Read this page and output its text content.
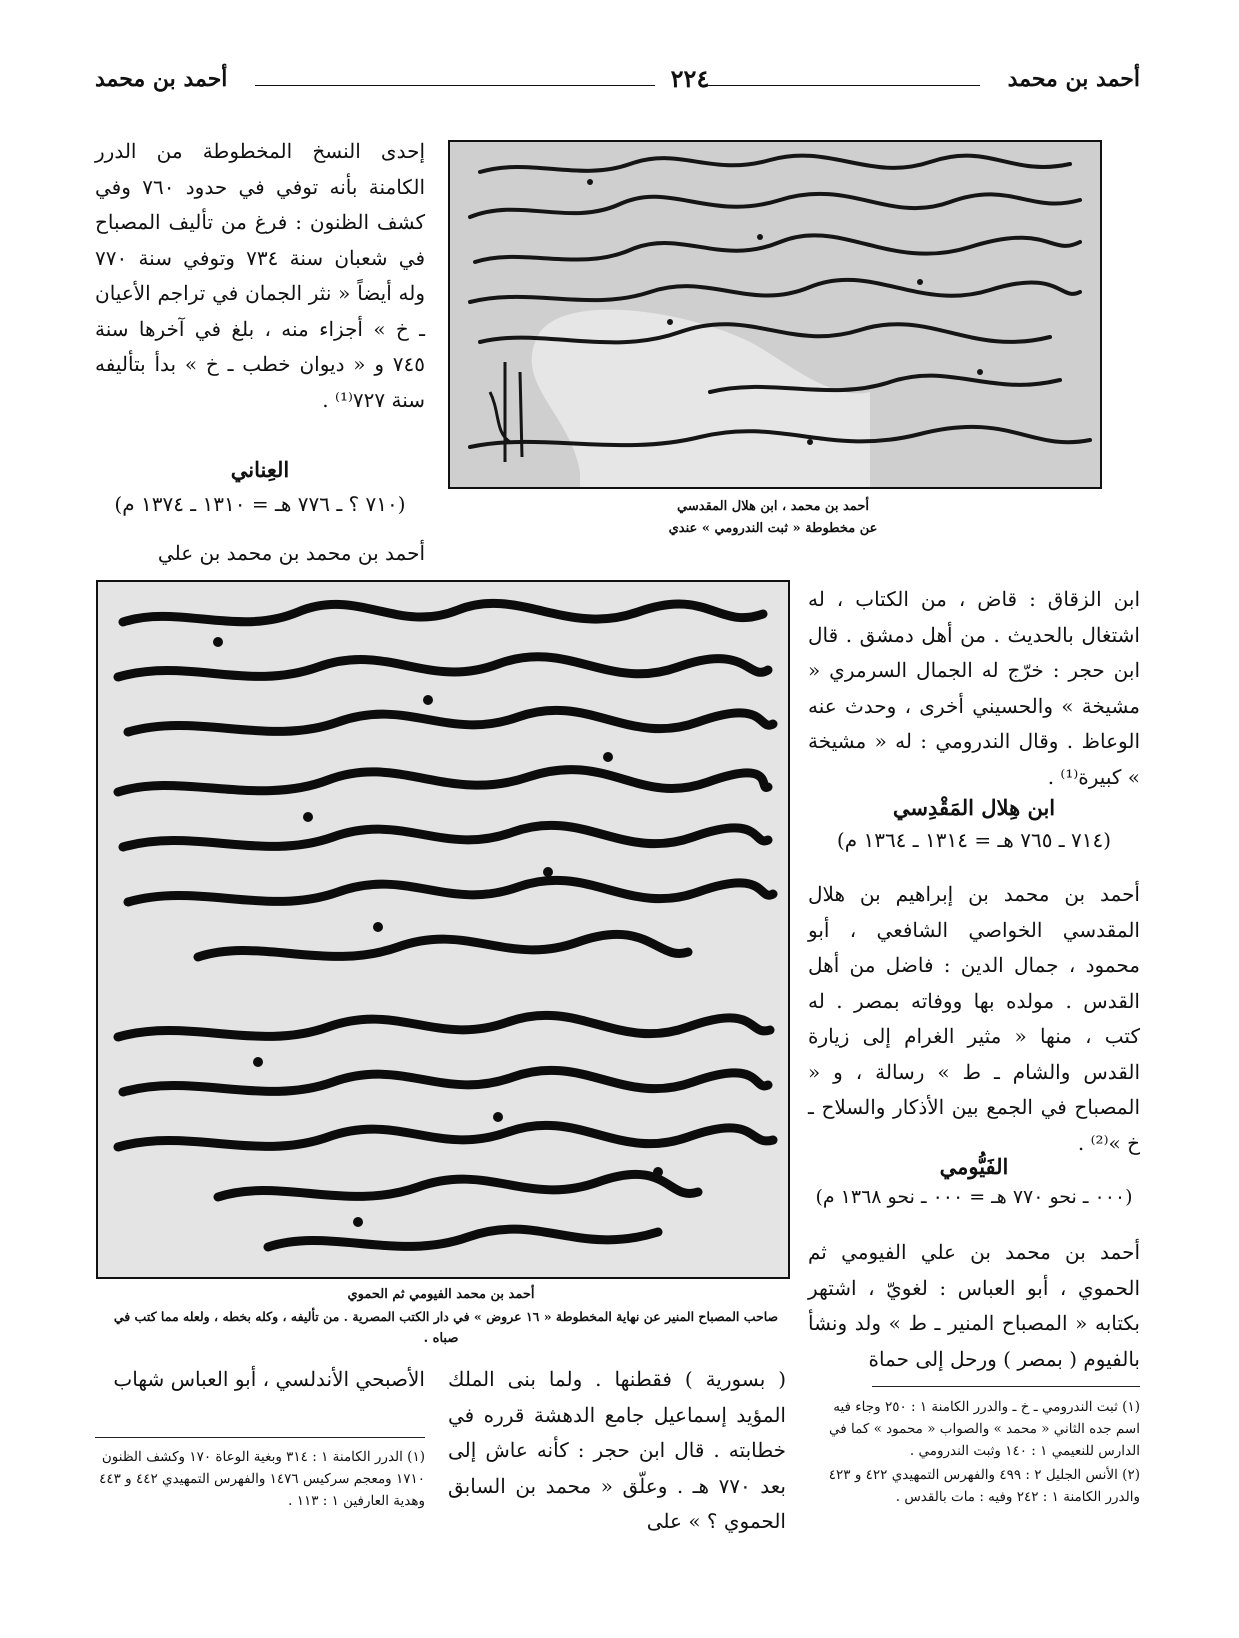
أحمد بن محمد
٢٢٤
أحمد بن محمد
إحدى النسخ المخطوطة من الدرر الكامنة بأنه توفي في حدود ٧٦٠ وفي كشف الظنون : فرغ من تأليف المصباح في شعبان سنة ٧٣٤ وتوفي سنة ٧٧٠ وله أيضاً « نثر الجمان في تراجم الأعيان ـ خ » أجزاء منه ، بلغ في آخرها سنة ٧٤٥ و « ديوان خطب ـ خ » بدأ بتأليفه سنة ٧٢٧⁽¹⁾ .
العِناني
(٧١٠ ؟ ـ ٧٧٦ هـ = ١٣١٠ ـ ١٣٧٤ م)
أحمد بن محمد بن محمد بن علي
أحمد بن محمد ، ابن هلال المقدسي
عن مخطوطة « ثبت الندرومي » عندي
ابن الزقاق : قاض ، من الكتاب ، له اشتغال بالحديث . من أهل دمشق . قال ابن حجر : خرّج له الجمال السرمري « مشيخة » والحسيني أخرى ، وحدث عنه الوعاظ . وقال الندرومي : له « مشيخة » كبيرة⁽¹⁾ .
ابن هِلال المَقْدِسي
(٧١٤ ـ ٧٦٥ هـ = ١٣١٤ ـ ١٣٦٤ م)
أحمد بن محمد بن إبراهيم بن هلال المقدسي الخواصي الشافعي ، أبو محمود ، جمال الدين : فاضل من أهل القدس . مولده بها ووفاته بمصر . له كتب ، منها « مثير الغرام إلى زيارة القدس والشام ـ ط » رسالة ، و « المصباح في الجمع بين الأذكار والسلاح ـ خ »⁽²⁾ .
الفَيُّومي
(٠٠٠ ـ نحو ٧٧٠ هـ = ٠٠٠ ـ نحو ١٣٦٨ م)
أحمد بن محمد بن علي الفيومي ثم الحموي ، أبو العباس : لغويّ ، اشتهر بكتابه « المصباح المنير ـ ط » ولد ونشأ بالفيوم ( بمصر ) ورحل إلى حماة
(١) ثبت الندرومي ـ خ ـ والدرر الكامنة ١ : ٢٥٠ وجاء فيه اسم جده الثاني « محمد » والصواب « محمود » كما في الدارس للنعيمي ١ : ١٤٠ وثبت الندرومي .
(٢) الأنس الجليل ٢ : ٤٩٩ والفهرس التمهيدي ٤٢٢ و ٤٢٣ والدرر الكامنة ١ : ٢٤٢ وفيه : مات بالقدس .
أحمد بن محمد الفيومي ثم الحموي
صاحب المصباح المنير عن نهاية المخطوطة « ١٦ عروض » في دار الكتب المصرية . من تأليفه ، وكله بخطه ، ولعله مما كتب في
صباه .
( بسورية ) فقطنها . ولما بنى الملك المؤيد إسماعيل جامع الدهشة قرره في خطابته . قال ابن حجر : كأنه عاش إلى بعد ٧٧٠ هـ . وعلّق « محمد بن السابق الحموي ؟ » على
الأصبحي الأندلسي ، أبو العباس شهاب
(١) الدرر الكامنة ١ : ٣١٤ وبغية الوعاة ١٧٠ وكشف الظنون ١٧١٠ ومعجم سركيس ١٤٧٦ والفهرس التمهيدي ٤٤٢ و ٤٤٣ وهدية العارفين ١ : ١١٣ .
